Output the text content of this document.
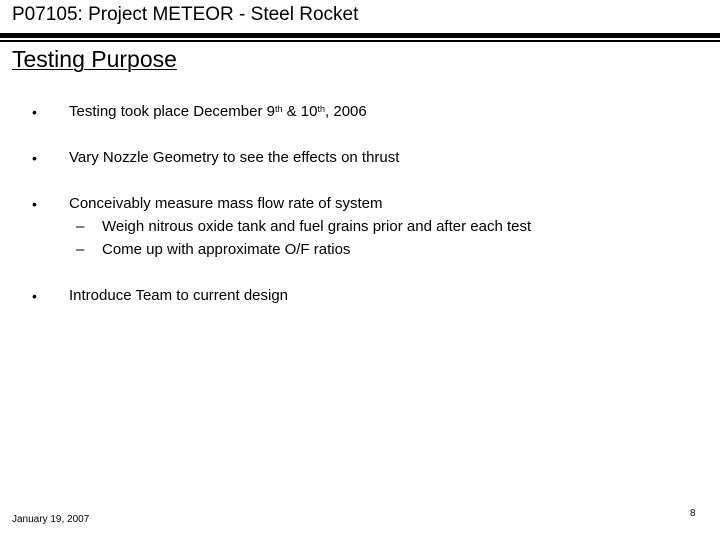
P07105: Project METEOR - Steel Rocket
Testing Purpose
• Testing took place December 9th & 10th, 2006
• Vary Nozzle Geometry to see the effects on thrust
• Conceivably measure mass flow rate of system
– Weigh nitrous oxide tank and fuel grains prior and after each test
– Come up with approximate O/F ratios
• Introduce Team to current design
January 19, 2007
8
